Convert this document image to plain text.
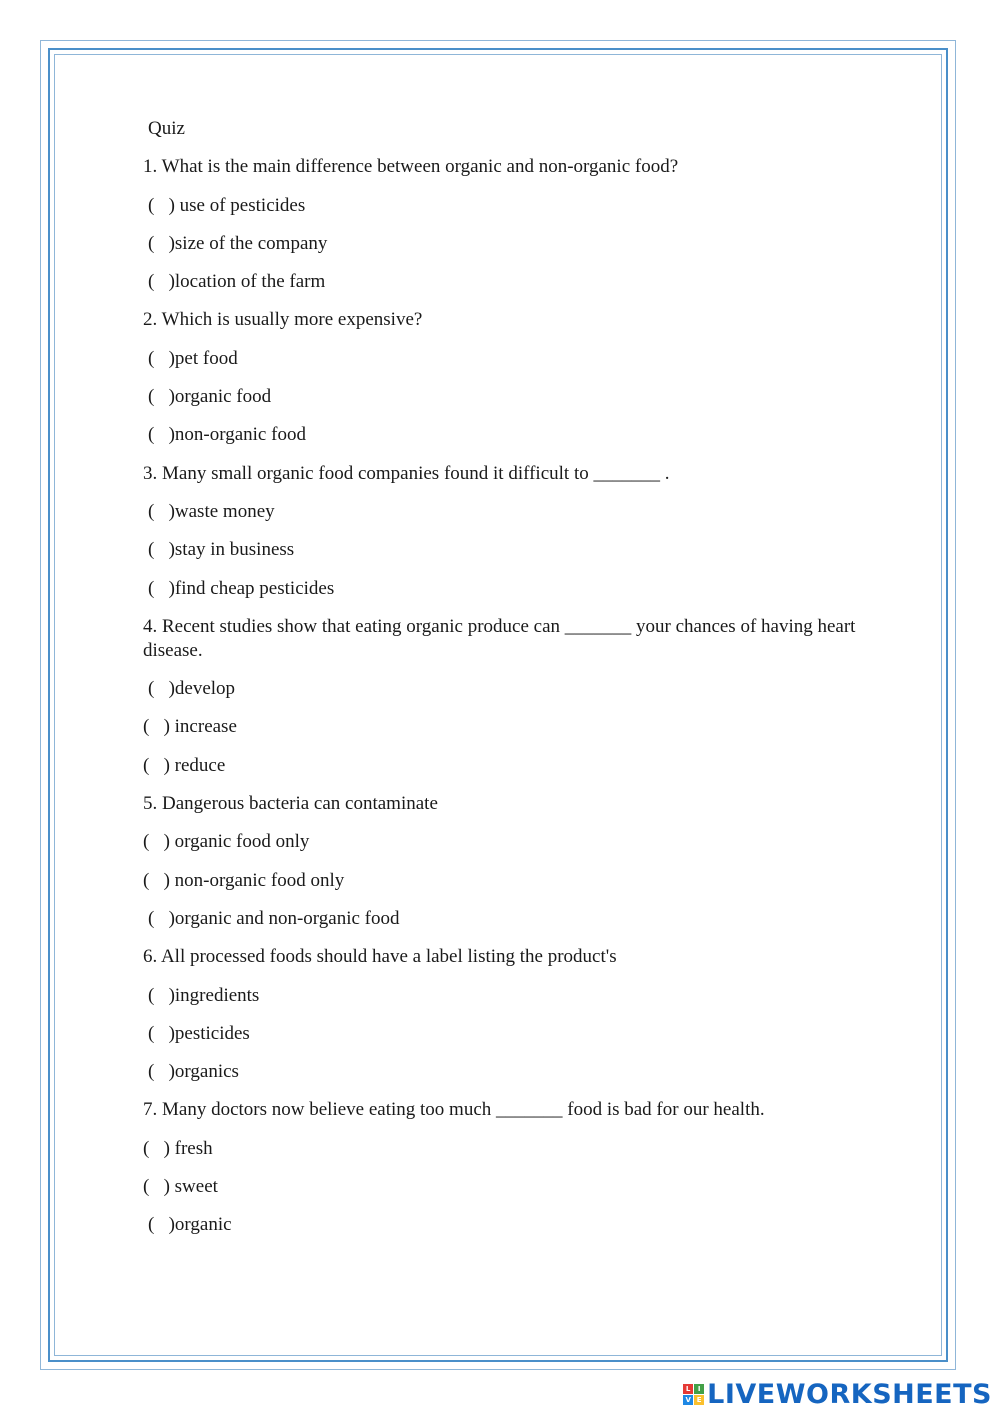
Quiz
1. What is the main difference between organic and non-organic food?
(   ) use of pesticides
(   )size of the company
(   )location of the farm
2. Which is usually more expensive?
(   )pet food
(   )organic food
(   )non-organic food
3. Many small organic food companies found it difficult to _______ .
(   )waste money
(   )stay in business
(   )find cheap pesticides
4. Recent studies show that eating organic produce can _______ your chances of having heart disease.
(   )develop
(   ) increase
(   ) reduce
5. Dangerous bacteria can contaminate
(   ) organic food only
(   ) non-organic food only
(   )organic and non-organic food
6. All processed foods should have a label listing the product's
(   )ingredients
(   )pesticides
(   )organics
7. Many doctors now believe eating too much _______ food is bad for our health.
(   ) fresh
(   ) sweet
(   )organic
L	I
V E LIVEWORKSHEETS
